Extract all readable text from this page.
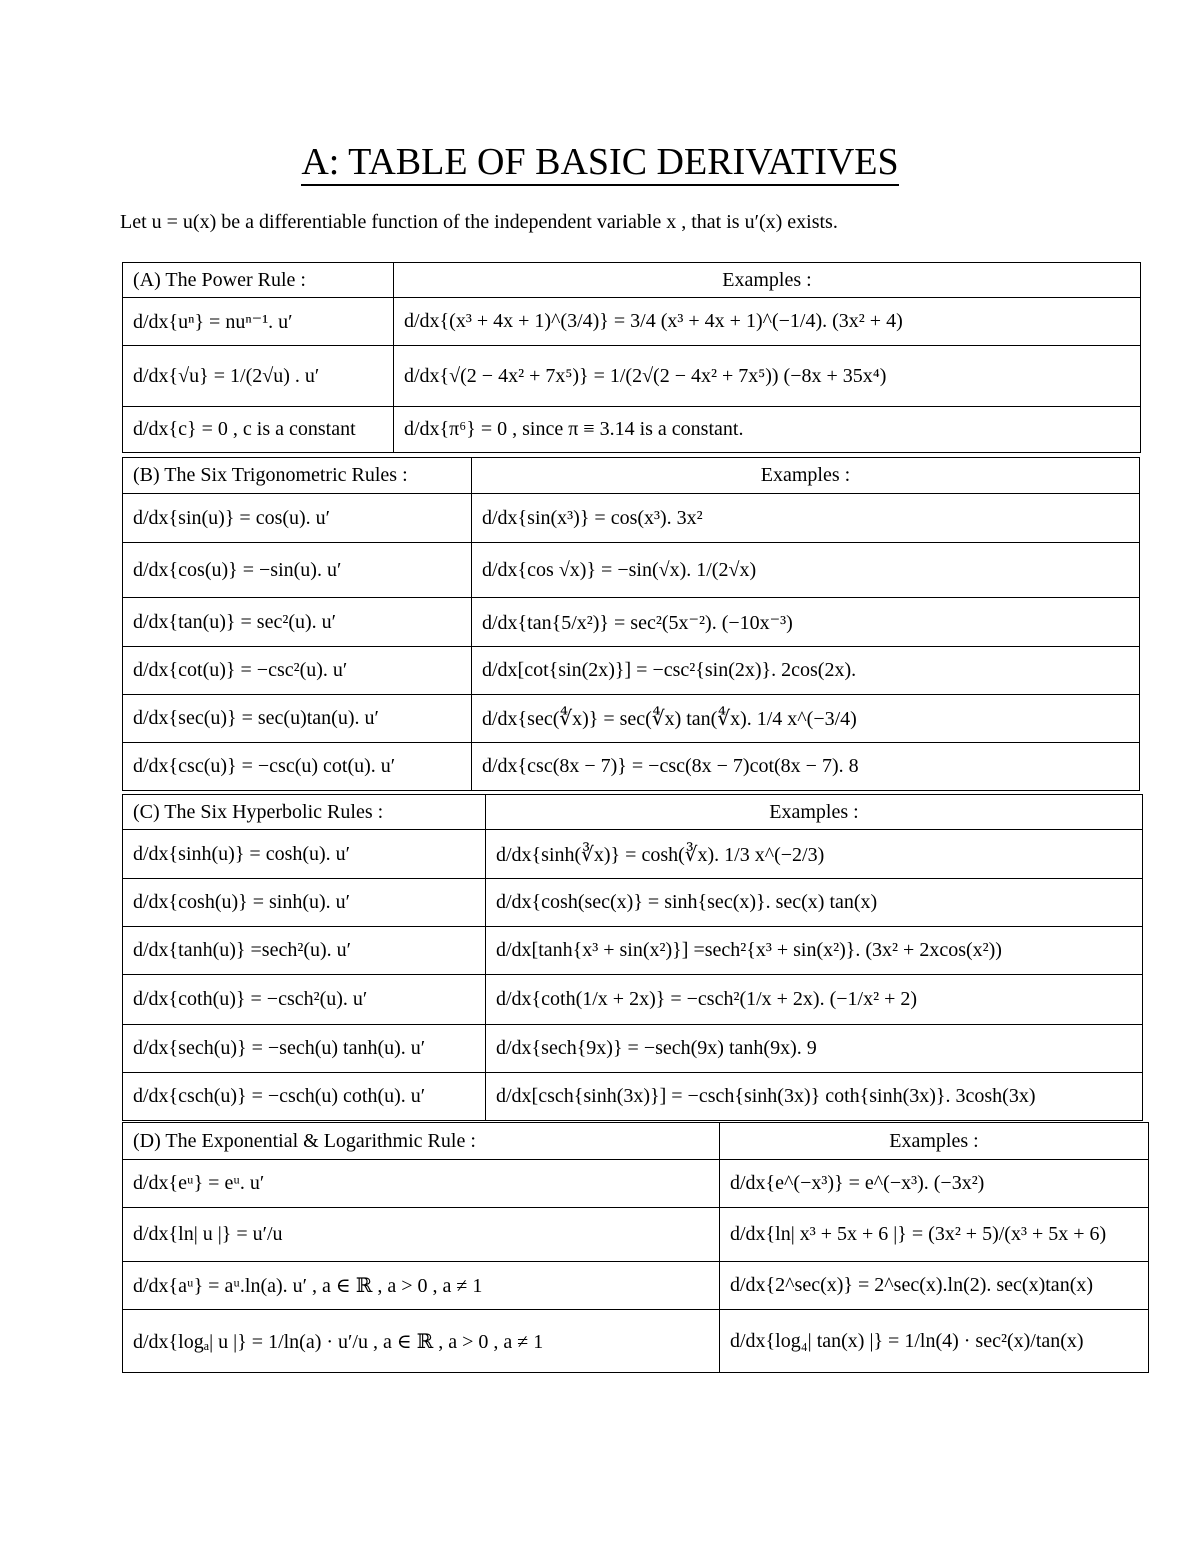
A: TABLE OF BASIC DERIVATIVES
Let u = u(x) be a differentiable function of the independent variable x , that is u′(x) exists.
(A) The Power Rule :	Examples :
d/dx{uⁿ} = nuⁿ⁻¹. u′	d/dx{(x³ + 4x + 1)^(3/4)} = 3/4 (x³ + 4x + 1)^(−1/4). (3x² + 4)
d/dx{√u} = 1/(2√u) . u′	d/dx{√(2 − 4x² + 7x⁵)} = 1/(2√(2 − 4x² + 7x⁵)) (−8x + 35x⁴)
d/dx{c} = 0 , c is a constant	d/dx{π⁶} = 0 , since π ≡ 3.14 is a constant.
(B) The Six Trigonometric Rules :	Examples :
d/dx{sin(u)} = cos(u). u′	d/dx{sin(x³)} = cos(x³). 3x²
d/dx{cos(u)} = −sin(u). u′	d/dx{cos √x)} = −sin(√x). 1/(2√x)
d/dx{tan(u)} = sec²(u). u′	d/dx{tan{5/x²)} = sec²(5x⁻²). (−10x⁻³)
d/dx{cot(u)} = −csc²(u). u′	d/dx[cot{sin(2x)}] = −csc²{sin(2x)}. 2cos(2x).
d/dx{sec(u)} = sec(u)tan(u). u′	d/dx{sec(∜x)} = sec(∜x) tan(∜x). 1/4 x^(−3/4)
d/dx{csc(u)} = −csc(u) cot(u). u′	d/dx{csc(8x − 7)} = −csc(8x − 7)cot(8x − 7). 8
(C) The Six Hyperbolic Rules :	Examples :
d/dx{sinh(u)} = cosh(u). u′	d/dx{sinh(∛x)} = cosh(∛x). 1/3 x^(−2/3)
d/dx{cosh(u)} = sinh(u). u′	d/dx{cosh(sec(x)} = sinh{sec(x)}. sec(x) tan(x)
d/dx{tanh(u)} =sech²(u). u′	d/dx[tanh{x³ + sin(x²)}] =sech²{x³ + sin(x²)}. (3x² + 2xcos(x²))
d/dx{coth(u)} = −csch²(u). u′	d/dx{coth(1/x + 2x)} = −csch²(1/x + 2x). (−1/x² + 2)
d/dx{sech(u)} = −sech(u) tanh(u). u′	d/dx{sech{9x)} = −sech(9x) tanh(9x). 9
d/dx{csch(u)} = −csch(u) coth(u). u′	d/dx[csch{sinh(3x)}] = −csch{sinh(3x)} coth{sinh(3x)}. 3cosh(3x)
(D) The Exponential & Logarithmic Rule :	Examples :
d/dx{eᵘ} = eᵘ. u′	d/dx{e^(−x³)} = e^(−x³). (−3x²)
d/dx{ln| u |} = u′/u	d/dx{ln| x³ + 5x + 6 |} = (3x² + 5)/(x³ + 5x + 6)
d/dx{aᵘ} = aᵘ.ln(a). u′ , a ∈ ℝ , a > 0 , a ≠ 1	d/dx{2^sec(x)} = 2^sec(x).ln(2). sec(x)tan(x)
d/dx{logₐ| u |} = 1/ln(a) · u′/u , a ∈ ℝ , a > 0 , a ≠ 1	d/dx{log₄| tan(x) |} = 1/ln(4) · sec²(x)/tan(x)
